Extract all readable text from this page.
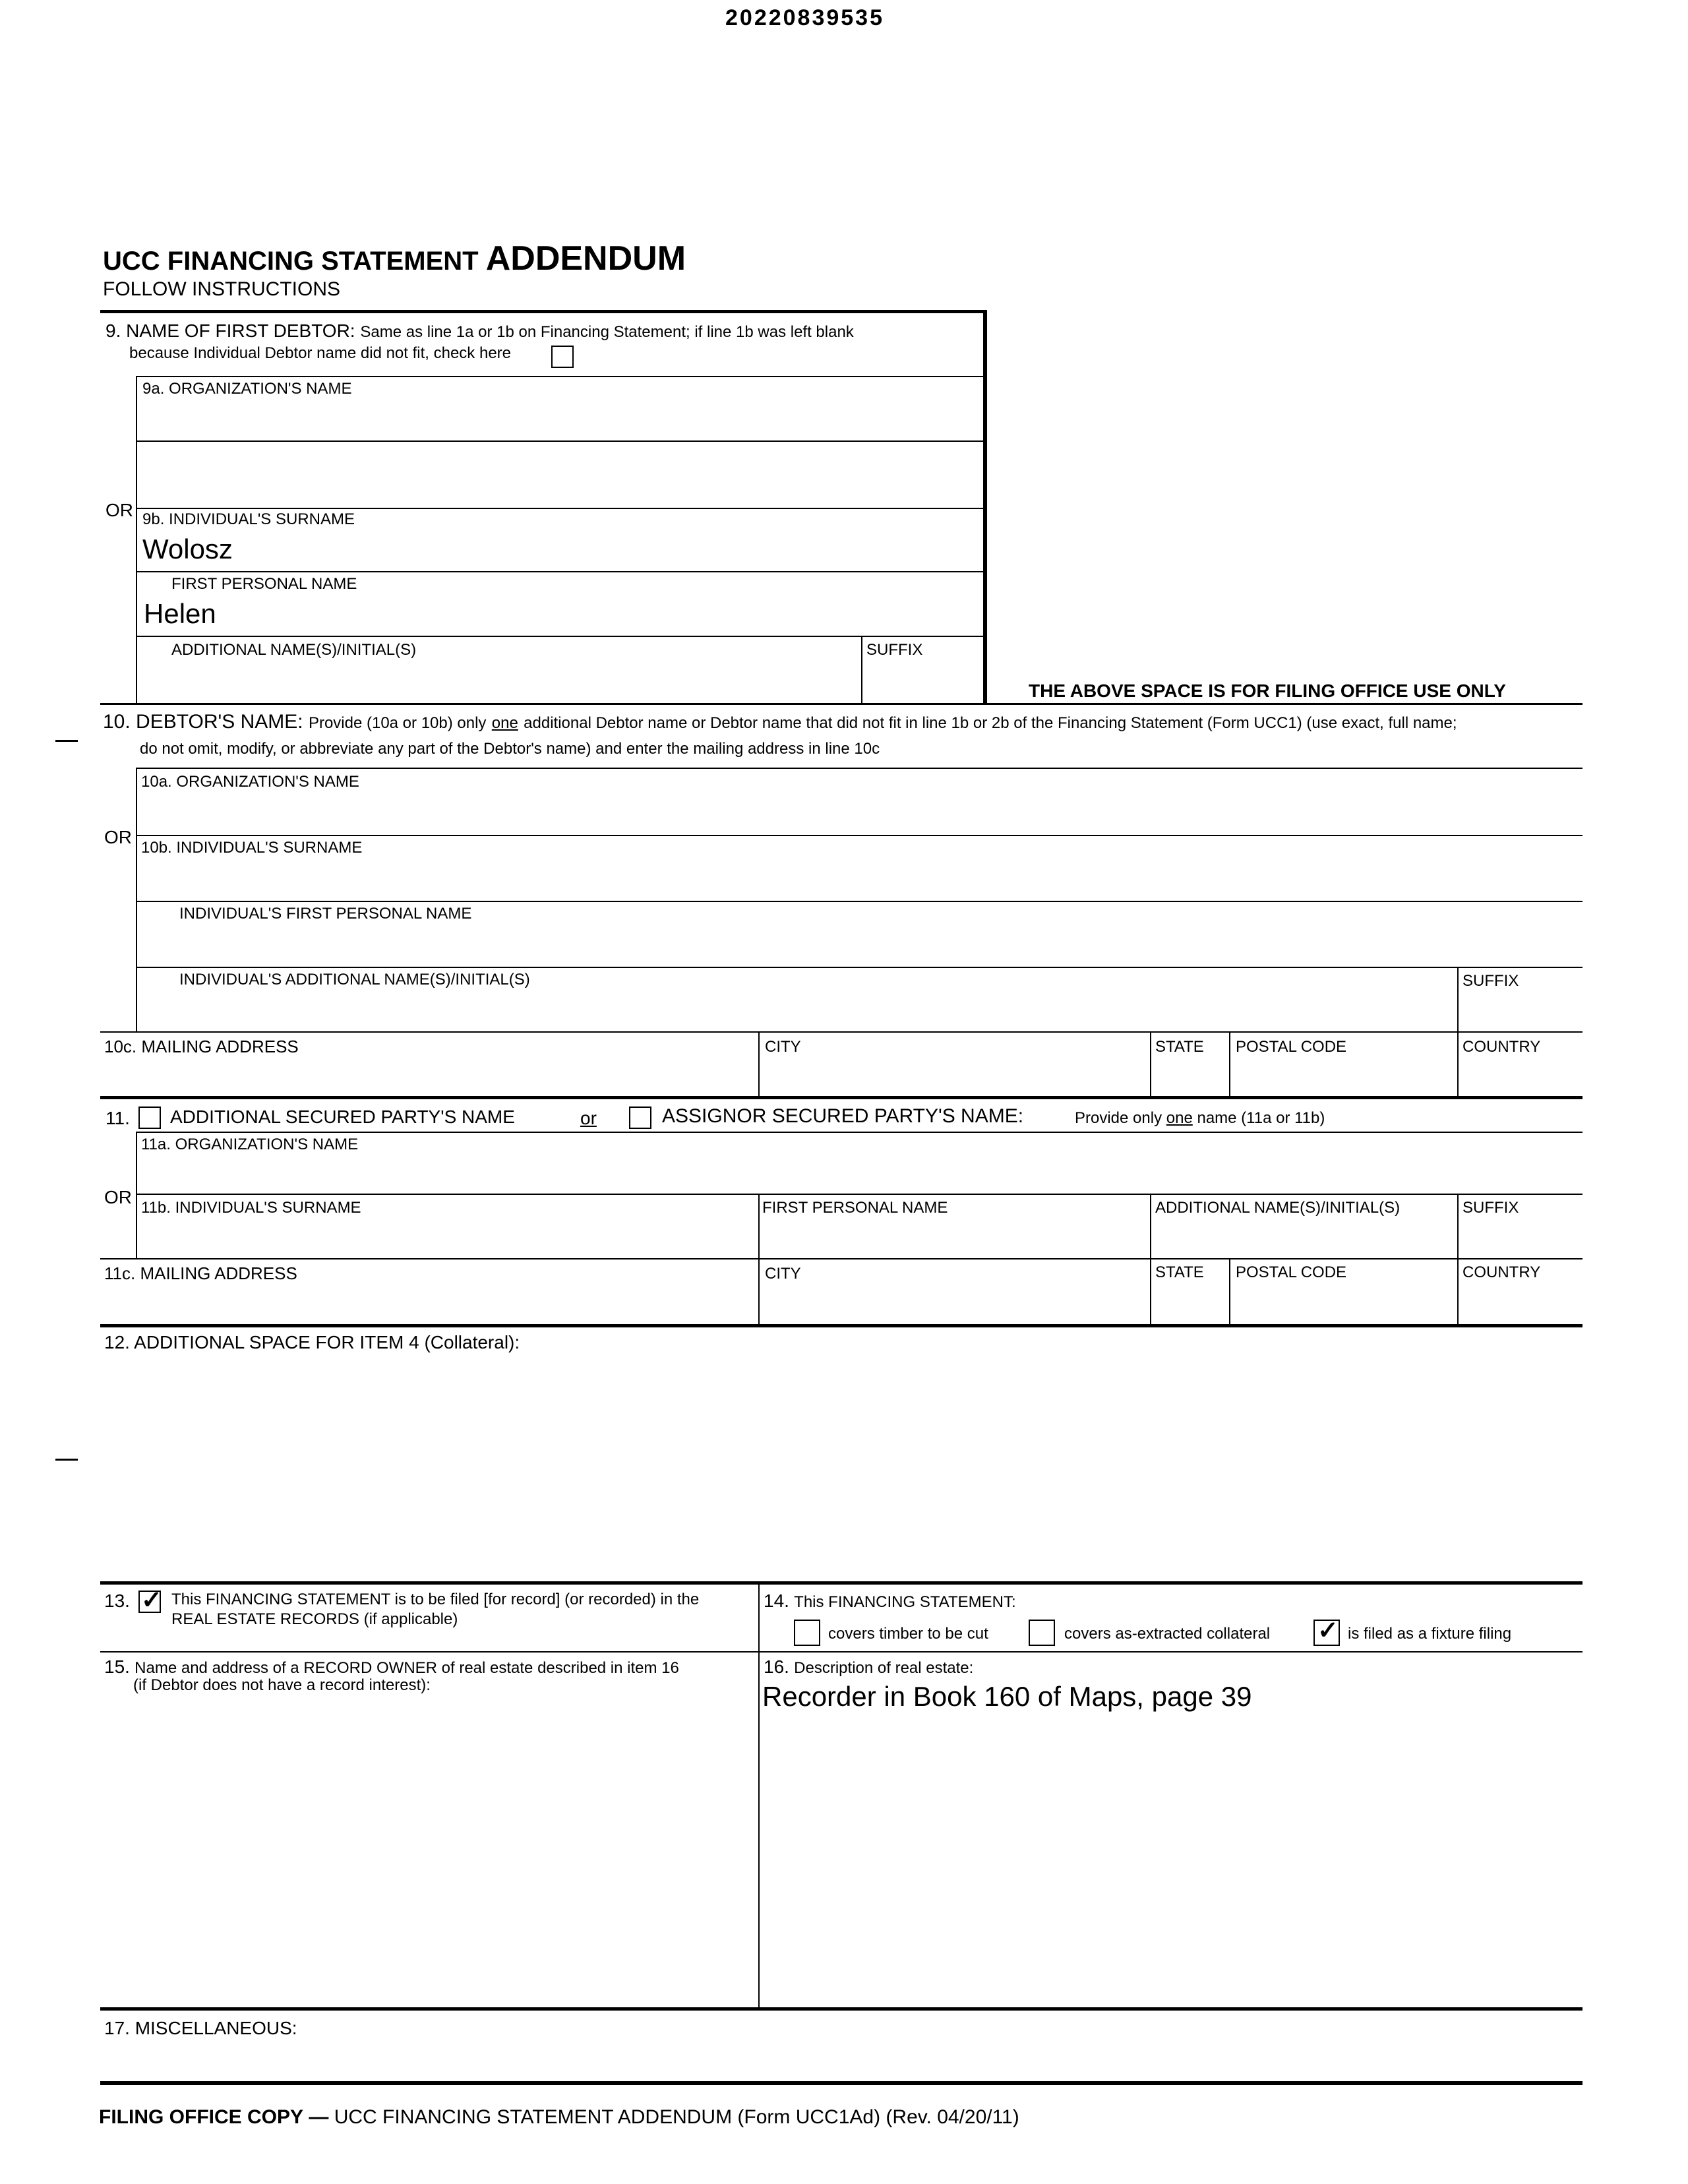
20220839535
UCC FINANCING STATEMENT ADDENDUM
FOLLOW INSTRUCTIONS
9. NAME OF FIRST DEBTOR: Same as line 1a or 1b on Financing Statement; if line 1b was left blank
because Individual Debtor name did not fit, check here
9a. ORGANIZATION'S NAME
OR 9b. INDIVIDUAL'S SURNAME
Wolosz
FIRST PERSONAL NAME
Helen
ADDITIONAL NAME(S)/INITIAL(S)	SUFFIX
THE ABOVE SPACE IS FOR FILING OFFICE USE ONLY
10. DEBTOR'S NAME: Provide (10a or 10b) only one additional Debtor name or Debtor name that did not fit in line 1b or 2b of the Financing Statement (Form UCC1) (use exact, full name;
do not omit, modify, or abbreviate any part of the Debtor's name) and enter the mailing address in line 10c
10a. ORGANIZATION'S NAME
OR
10b. INDIVIDUAL'S SURNAME
INDIVIDUAL'S FIRST PERSONAL NAME
INDIVIDUAL'S ADDITIONAL NAME(S)/INITIAL(S)	SUFFIX
10c. MAILING ADDRESS	CITY	STATE POSTAL CODE	COUNTRY
11. ADDITIONAL SECURED PARTY'S NAME	or	ASSIGNOR SECURED PARTY'S NAME:	Provide only one name (11a or 11b)
11a. ORGANIZATION'S NAME
OR
11b. INDIVIDUAL'S SURNAME	FIRST PERSONAL NAME	ADDITIONAL NAME(S)/INITIAL(S)	SUFFIX
11c. MAILING ADDRESS	CITY	STATE POSTAL CODE	COUNTRY
12. ADDITIONAL SPACE FOR ITEM 4 (Collateral):
13. ✓ This FINANCING STATEMENT is to be filed [for record] (or recorded) in the
REAL ESTATE RECORDS (if applicable)
14. This FINANCING STATEMENT:
covers timber to be cut	covers as-extracted collateral ✓ is filed as a fixture filing
15. Name and address of a RECORD OWNER of real estate described in item 16
(if Debtor does not have a record interest):
16. Description of real estate:
Recorder in Book 160 of Maps, page 39
17. MISCELLANEOUS:
FILING OFFICE COPY — UCC FINANCING STATEMENT ADDENDUM (Form UCC1Ad) (Rev. 04/20/11)
